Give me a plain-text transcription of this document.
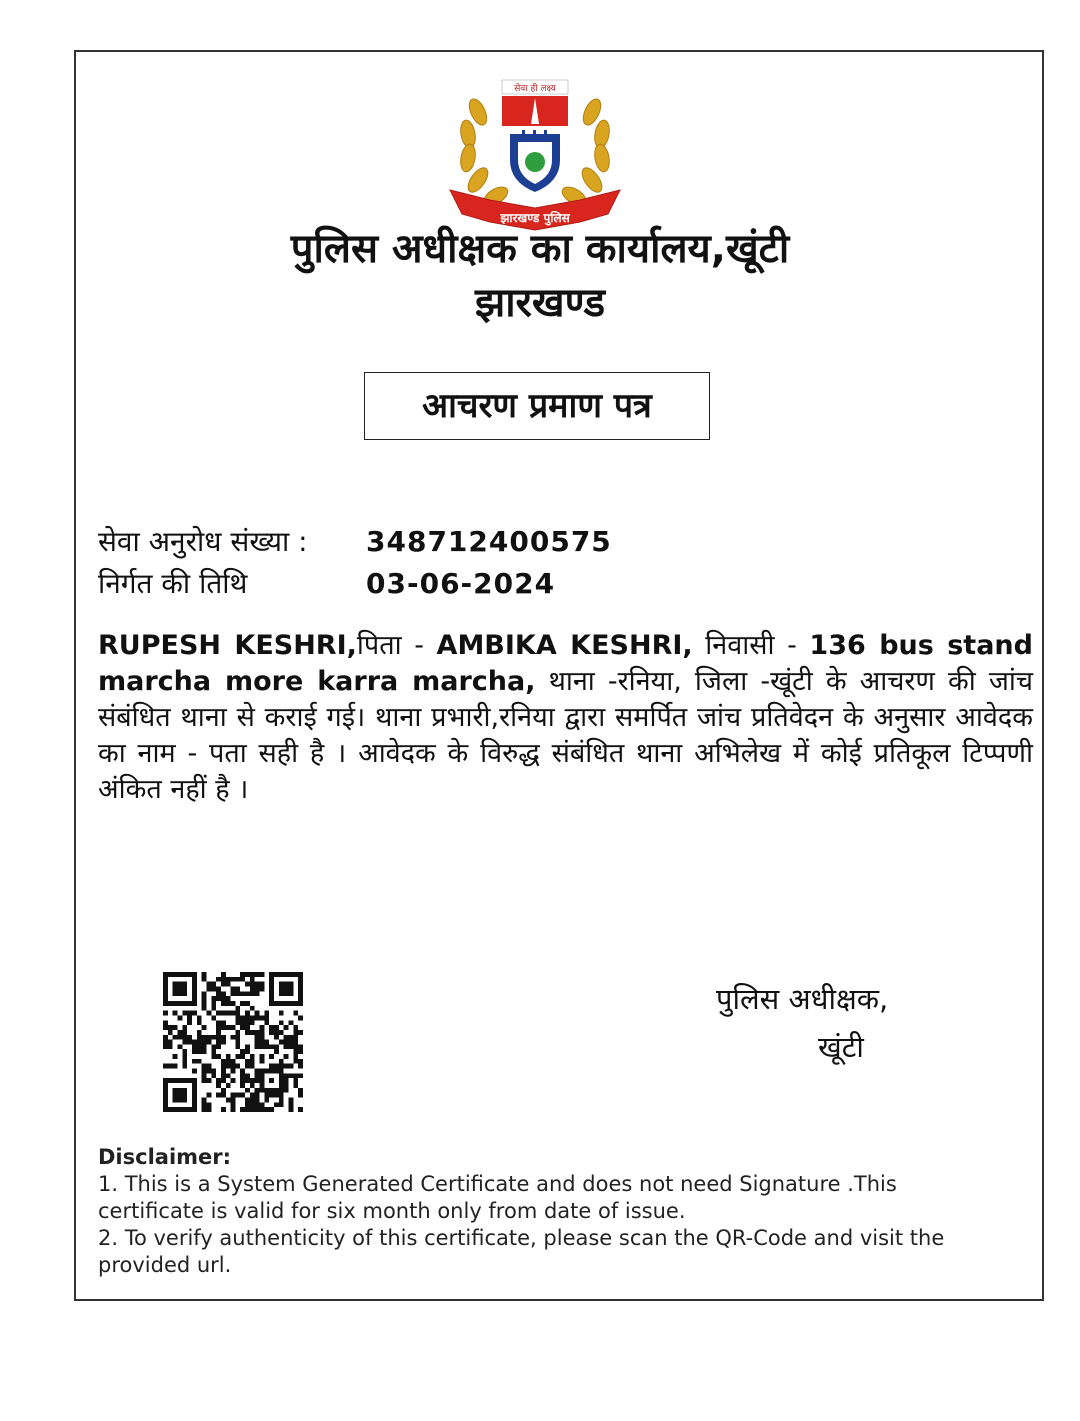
सेवा ही लक्ष्य
झारखण्ड पुलिस
पुलिस अधीक्षक का कार्यालय,खूंटी
झारखण्ड
आचरण प्रमाण पत्र
सेवा अनुरोध संख्या : 348712400575
निर्गत की तिथि	03-06-2024
RUPESH KESHRI,पिता - AMBIKA KESHRI, निवासी - 136 bus stand marcha more karra marcha, थाना -रनिया, जिला -खूंटी के आचरण की जांच संबंधित थाना से कराई गई। थाना प्रभारी,रनिया द्वारा समर्पित जांच प्रतिवेदन के अनुसार आवेदक का नाम - पता सही है । आवेदक के विरुद्ध संबंधित थाना अभिलेख में कोई प्रतिकूल टिप्पणी अंकित नहीं है ।
पुलिस अधीक्षक,
खूंटी
Disclaimer:
1. This is a System Generated Certificate and does not need Signature .This certificate is valid for six month only from date of issue.
2. To verify authenticity of this certificate, please scan the QR-Code and visit the provided url.
